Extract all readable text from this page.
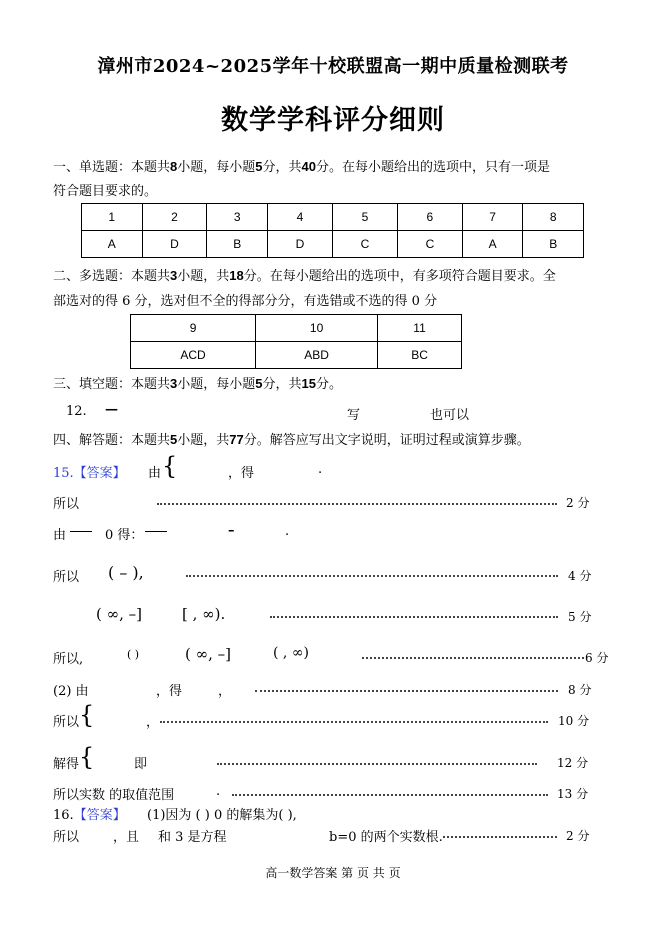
漳州市2024~2025学年十校联盟高一期中质量检测联考
数学学科评分细则
一、单选题：本题共8小题，每小题5分，共40分。在每小题给出的选项中，只有一项是
符合题目要求的。
1	2	3	4	5	6	7	8
A	D	B	D	C	C	A	B
二、多选题：本题共3小题，共18分。在每小题给出的选项中，有多项符合题目要求。全
部选对的得 6 分，选对但不全的得部分分，有选错或不选的得 0 分
9	10	11
ACD	ABD	BC
三、填空题：本题共3小题，每小题5分，共15分。
12. —	写	也可以
四、解答题：本题共5小题，共77分。解答应写出文字说明，证明过程或演算步骤。
15.【答案】 由 {	，得	.
所以	2 分
由	0 得：	–	.
所以 ( – ),	4 分
( ∞, –]	[ , ∞).	5 分
所以,	( )	( ∞, –]	( , ∞)	6 分
(2) 由	，得	，	8 分
所以 {	，	10 分
解得 {	即	12 分
所以实数 的取值范围	.	13 分
16.【答案】 (1)因为 ( ) 0 的解集为( ),
所以	，且 和 3 是方程	b=0 的两个实数根.	2 分
高一数学答案 第 页 共 页
